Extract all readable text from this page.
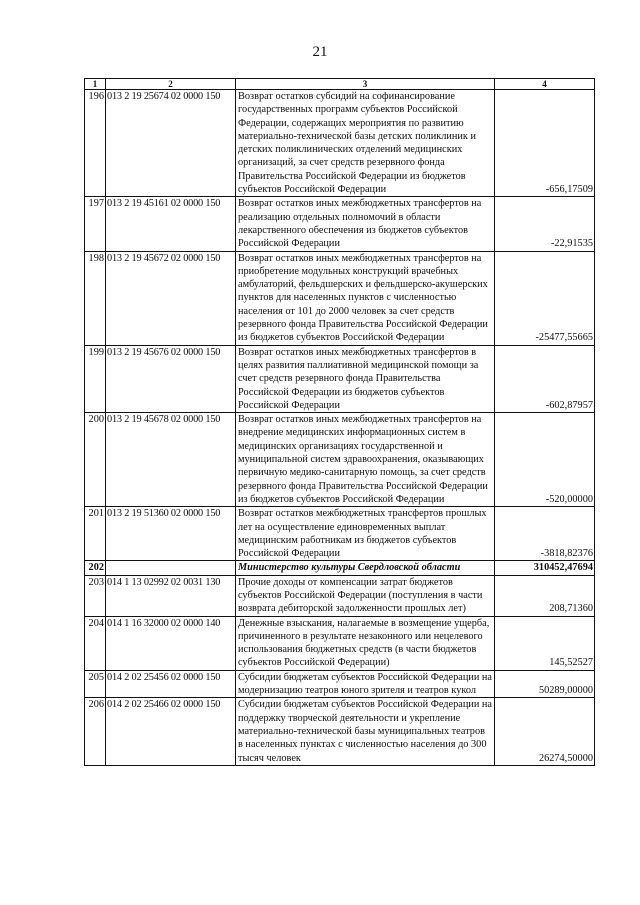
21
1	2	3	4
196	013 2 19 25674 02 0000 150	Возврат остатков субсидий на софинансирование государственных программ субъектов Российской Федерации, содержащих мероприятия по развитию материально-технической базы детских поликлиник и детских поликлинических отделений медицинских организаций, за счет средств резервного фонда Правительства Российской Федерации из бюджетов субъектов Российской Федерации	-656,17509
197	013 2 19 45161 02 0000 150	Возврат остатков иных межбюджетных трансфертов на реализацию отдельных полномочий в области лекарственного обеспечения из бюджетов субъектов Российской Федерации	-22,91535
198	013 2 19 45672 02 0000 150	Возврат остатков иных межбюджетных трансфертов на приобретение модульных конструкций врачебных амбулаторий, фельдшерских и фельдшерско-акушерских пунктов для населенных пунктов с численностью населения от 101 до 2000 человек за счет средств резервного фонда Правительства Российской Федерации из бюджетов субъектов Российской Федерации	-25477,55665
199	013 2 19 45676 02 0000 150	Возврат остатков иных межбюджетных трансфертов в целях развития паллиативной медицинской помощи за счет средств резервного фонда Правительства Российской Федерации из бюджетов субъектов Российской Федерации	-602,87957
200	013 2 19 45678 02 0000 150	Возврат остатков иных межбюджетных трансфертов на внедрение медицинских информационных систем в медицинских организациях государственной и муниципальной систем здравоохранения, оказывающих первичную медико-санитарную помощь, за счет средств резервного фонда Правительства Российской Федерации из бюджетов субъектов Российской Федерации	-520,00000
201	013 2 19 51360 02 0000 150	Возврат остатков межбюджетных трансфертов прошлых лет на осуществление единовременных выплат медицинским работникам из бюджетов субъектов Российской Федерации	-3818,82376
202		Министерство культуры Свердловской области	310452,47694
203	014 1 13 02992 02 0031 130	Прочие доходы от компенсации затрат бюджетов субъектов Российской Федерации (поступления в части возврата дебиторской задолженности прошлых лет)	208,71360
204	014 1 16 32000 02 0000 140	Денежные взыскания, налагаемые в возмещение ущерба, причиненного в результате незаконного или нецелевого использования бюджетных средств (в части бюджетов субъектов Российской Федерации)	145,52527
205	014 2 02 25456 02 0000 150	Субсидии бюджетам субъектов Российской Федерации на модернизацию театров юного зрителя и театров кукол	50289,00000
206	014 2 02 25466 02 0000 150	Субсидии бюджетам субъектов Российской Федерации на поддержку творческой деятельности и укрепление материально-технической базы муниципальных театров в населенных пунктах с численностью населения до 300 тысяч человек	26274,50000
